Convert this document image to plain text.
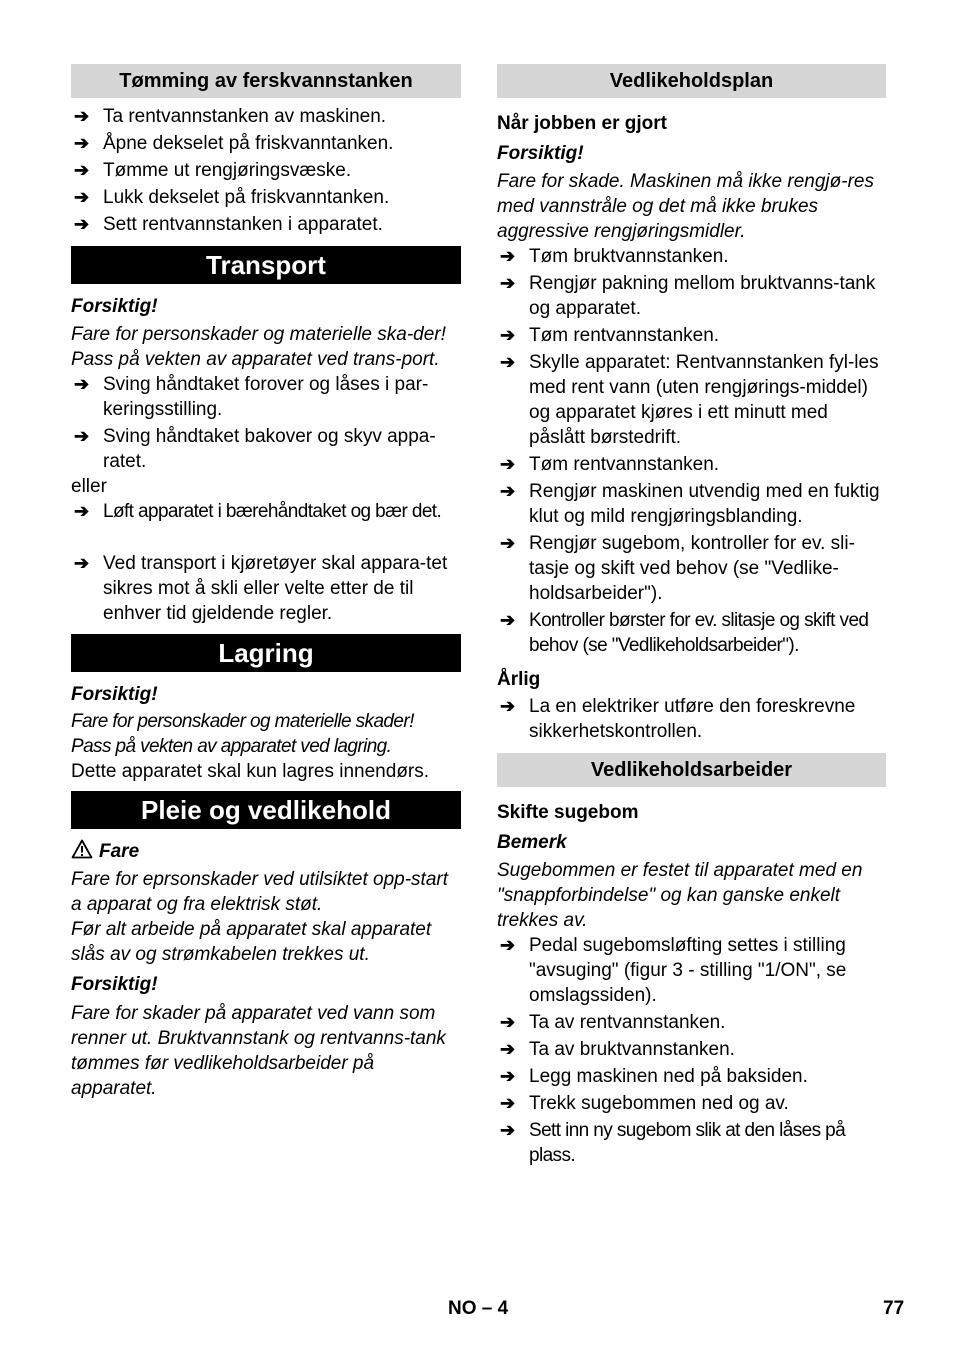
Tømming av ferskvannstanken
➔ Ta rentvannstanken av maskinen.
➔ Åpne dekselet på friskvanntanken.
➔ Tømme ut rengjøringsvæske.
➔ Lukk dekselet på friskvanntanken.
➔ Sett rentvannstanken i apparatet.
Transport

Forsiktig!

Fare for personskader og materielle ska-der! Pass på vekten av apparatet ved trans-port.

➔ Sving håndtaket forover og låses i par-keringsstilling.
➔ Sving håndtaket bakover og skyv appa-ratet.

eller

➔ Løft apparatet i bærehåndtaket og bær det.
➔ Ved transport i kjøretøyer skal appara-tet sikres mot å skli eller velte etter de til enhver tid gjeldende regler.
Lagring

Forsiktig!

Fare for personskader og materielle skader!

Pass på vekten av apparatet ved lagring.

Dette apparatet skal kun lagres innendørs.

Pleie og vedlikehold

Fare

Fare for eprsonskader ved utilsiktet opp-start a apparat og fra elektrisk støt.

Før alt arbeide på apparatet skal apparatet slås av og strømkabelen trekkes ut.

Forsiktig!

Fare for skader på apparatet ved vann som renner ut. Bruktvannstank og rentvanns-tank tømmes før vedlikeholdsarbeider på apparatet.

Vedlikeholdsplan

Når jobben er gjort

Forsiktig!

Fare for skade. Maskinen må ikke rengjø-res med vannstråle og det må ikke brukes aggressive rengjøringsmidler.

➔ Tøm bruktvannstanken.
➔ Rengjør pakning mellom bruktvanns-tank og apparatet.
➔ Tøm rentvannstanken.
➔ Skylle apparatet: Rentvannstanken fyl-les med rent vann (uten rengjørings-middel) og apparatet kjøres i ett minutt med påslått børstedrift.
➔ Tøm rentvannstanken.
➔ Rengjør maskinen utvendig med en fuktig klut og mild rengjøringsblanding.
➔ Rengjør sugebom, kontroller for ev. sli-tasje og skift ved behov (se "Vedlike-holdsarbeider").
➔ Kontroller børster for ev. slitasje og skift ved behov (se "Vedlikeholdsarbeider").

Årlig

➔ La en elektriker utføre den foreskrevne sikkerhetskontrollen.
Vedlikeholdsarbeider

Skifte sugebom

Bemerk

Sugebommen er festet til apparatet med en "snappforbindelse" og kan ganske enkelt trekkes av.

➔ Pedal sugebomsløfting settes i stilling "avsuging" (figur 3 - stilling "1/ON", se omslagssiden).
➔ Ta av rentvannstanken.
➔ Ta av bruktvannstanken.
➔ Legg maskinen ned på baksiden.
➔ Trekk sugebommen ned og av.
➔ Sett inn ny sugebom slik at den låses på plass.
NO – 4	77
